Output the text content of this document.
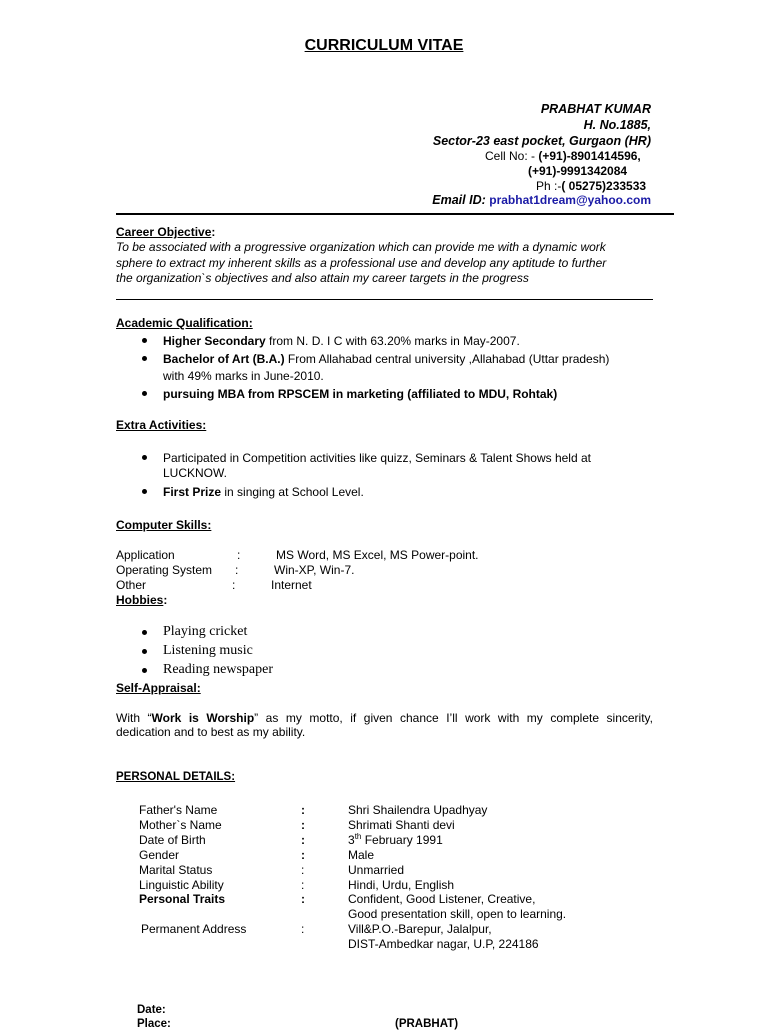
CURRICULUM VITAE
PRABHAT KUMAR
H. No.1885,
Sector-23 east pocket, Gurgaon (HR)
Cell No: - (+91)-8901414596,
(+91)-9991342084
Ph :-( 05275)233533
Email ID: prabhat1dream@yahoo.com
Career Objective:
To be associated with a progressive organization which can provide me with a dynamic work
sphere to extract my inherent skills as a professional use and develop any aptitude to further
the organization`s objectives and also attain my career targets in the progress
Academic Qualification:
Higher Secondary from N. D. I C with 63.20% marks in May-2007.
Bachelor of Art (B.A.) From Allahabad central university ,Allahabad (Uttar pradesh)
with 49% marks in June-2010.
pursuing MBA from RPSCEM in marketing (affiliated to MDU, Rohtak)
Extra Activities:
Participated in Competition activities like quizz, Seminars & Talent Shows held at
LUCKNOW.
First Prize in singing at School Level.
Computer Skills:
Application	:	MS Word, MS Excel, MS Power-point.
Operating System :	Win-XP, Win-7.
Other	:	Internet
Hobbies:
Playing cricket
Listening music
Reading newspaper
Self-Appraisal:
With “Work is Worship” as my motto, if given chance I’ll work with my complete sincerity,
dedication and to best as my ability.
PERSONAL DETAILS:
Father's Name	:	Shri Shailendra Upadhyay
Mother`s Name	:	Shrimati Shanti devi
Date of Birth	:	3th February 1991
Gender	:	Male
Marital Status	:	Unmarried
Linguistic Ability	:	Hindi, Urdu, English
Personal Traits	:	Confident, Good Listener, Creative,
Good presentation skill, open to learning.
Permanent Address	:	Vill&P.O.-Barepur, Jalalpur,
DIST-Ambedkar nagar, U.P, 224186
Date:
Place:	(PRABHAT)
